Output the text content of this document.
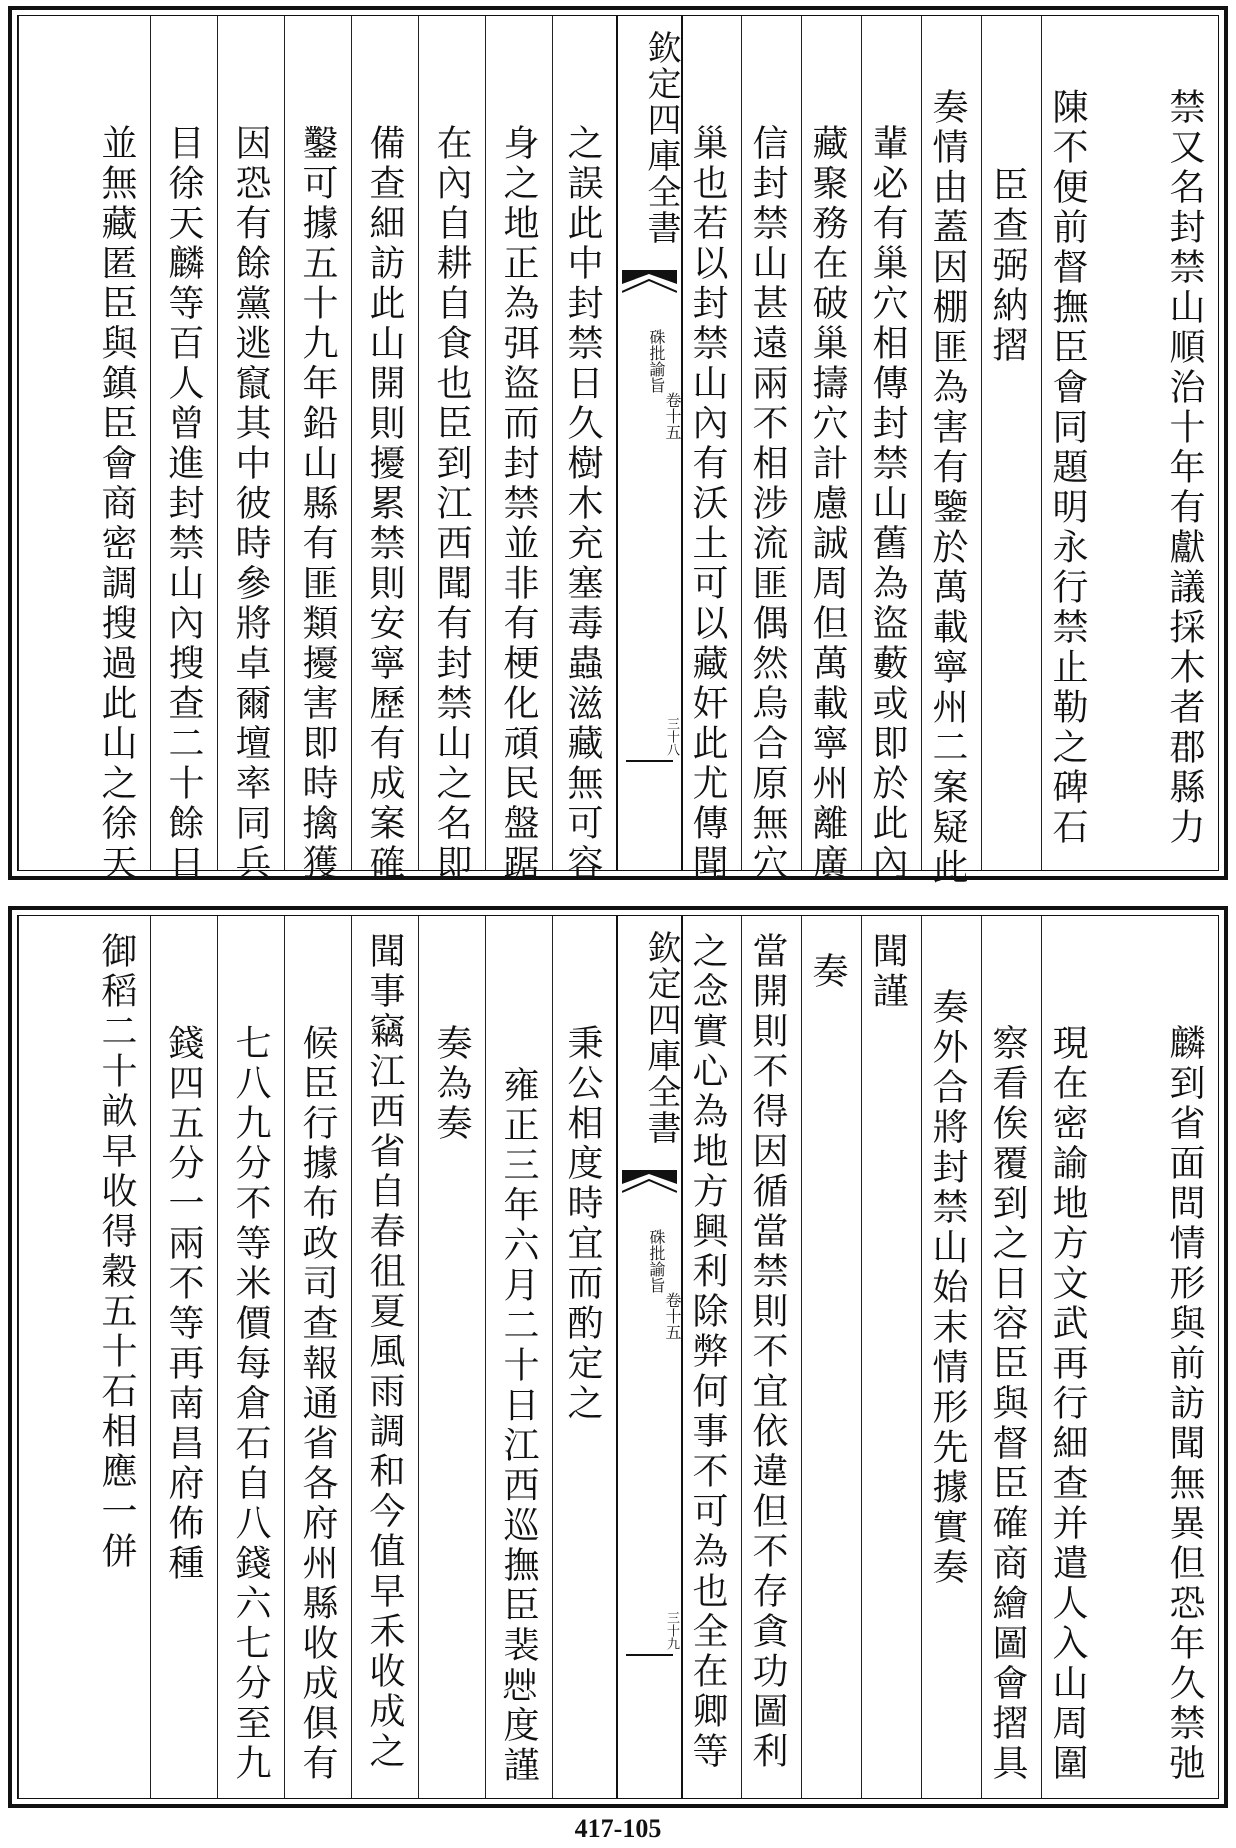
禁又名封禁山順治十年有獻議採木者郡縣力
陳不便前督撫臣會同題明永行禁止勒之碑石
臣查弼納摺
奏情由蓋因棚匪為害有鑒於萬載寧州二案疑此
輩必有巢穴相傳封禁山舊為盜藪或即於此內
藏聚務在破巢擣穴計慮誠周但萬載寧州離廣
信封禁山甚遠兩不相涉流匪偶然烏合原無穴
巢也若以封禁山內有沃土可以藏奸此尤傳聞
欽定四庫全書
硃批諭旨
卷十五
三十八
之誤此中封禁日久樹木充塞毒蟲滋藏無可容
身之地正為弭盜而封禁並非有梗化頑民盤踞
在內自耕自食也臣到江西聞有封禁山之名即
備查細訪此山開則擾累禁則安寧歷有成案確
鑿可據五十九年鉛山縣有匪類擾害即時擒獲
因恐有餘黨逃竄其中彼時參將卓爾壇率同兵
目徐天麟等百人曾進封禁山內搜查二十餘日
並無藏匿臣與鎮臣會商密調搜過此山之徐天
麟到省面問情形與前訪聞無異但恐年久禁弛
現在密諭地方文武再行細查并遣人入山周圍
察看俟覆到之日容臣與督臣確商繪圖會摺具
奏外合將封禁山始末情形先據實奏
聞謹
奏
當開則不得因循當禁則不宜依違但不存貪功圖利
之念實心為地方興利除弊何事不可為也全在卿等
欽定四庫全書
硃批諭旨
卷十五
三十九
秉公相度時宜而酌定之
雍正三年六月二十日江西巡撫臣裴𢘿度謹
奏為奏
聞事竊江西省自春徂夏風雨調和今值早禾收成之
候臣行據布政司查報通省各府州縣收成俱有
七八九分不等米價每倉石自八錢六七分至九
錢四五分一兩不等再南昌府佈種
御稻二十畝早收得穀五十石相應一併
417-105
